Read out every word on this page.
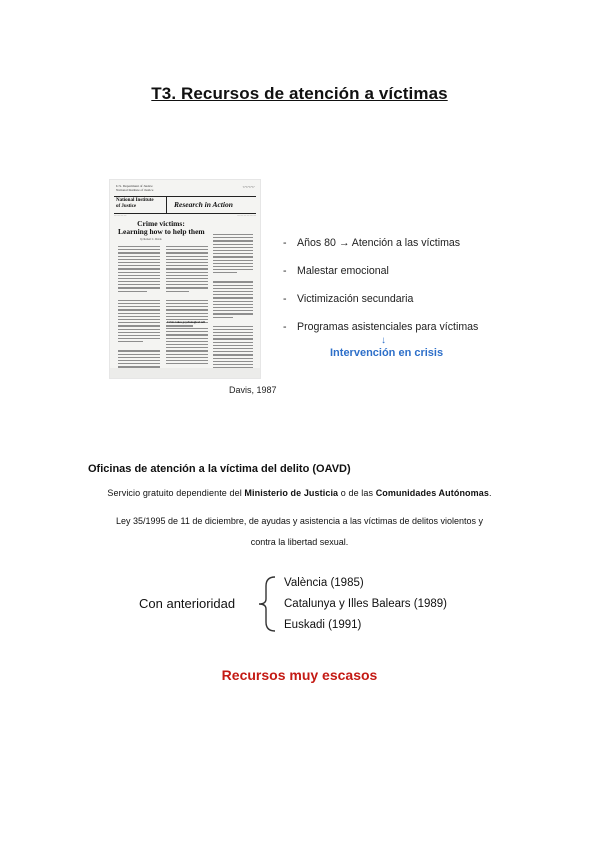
T3. Recursos de atención a víctimas
U.S. Department of Justice
National Institute of Justice	〰〰
National Institute
of Justice	Research in Action
— — — —	— — — — — —
Crime victims:
Learning how to help them
by Robert C. Davis
Crisis takes psychological toll
Davis, 1987
- Años 80 → Atención a las víctimas
- Malestar emocional
- Victimización secundaria
- Programas asistenciales para víctimas
↓
Intervención en crisis
Oficinas de atención a la víctima del delito (OAVD)
Servicio gratuito dependiente del Ministerio de Justicia o de las Comunidades Autónomas.
Ley 35/1995 de 11 de diciembre, de ayudas y asistencia a las víctimas de delitos violentos y
contra la libertad sexual.
Con anterioridad
València (1985)
Catalunya y Illes Balears (1989)
Euskadi (1991)
Recursos muy escasos
